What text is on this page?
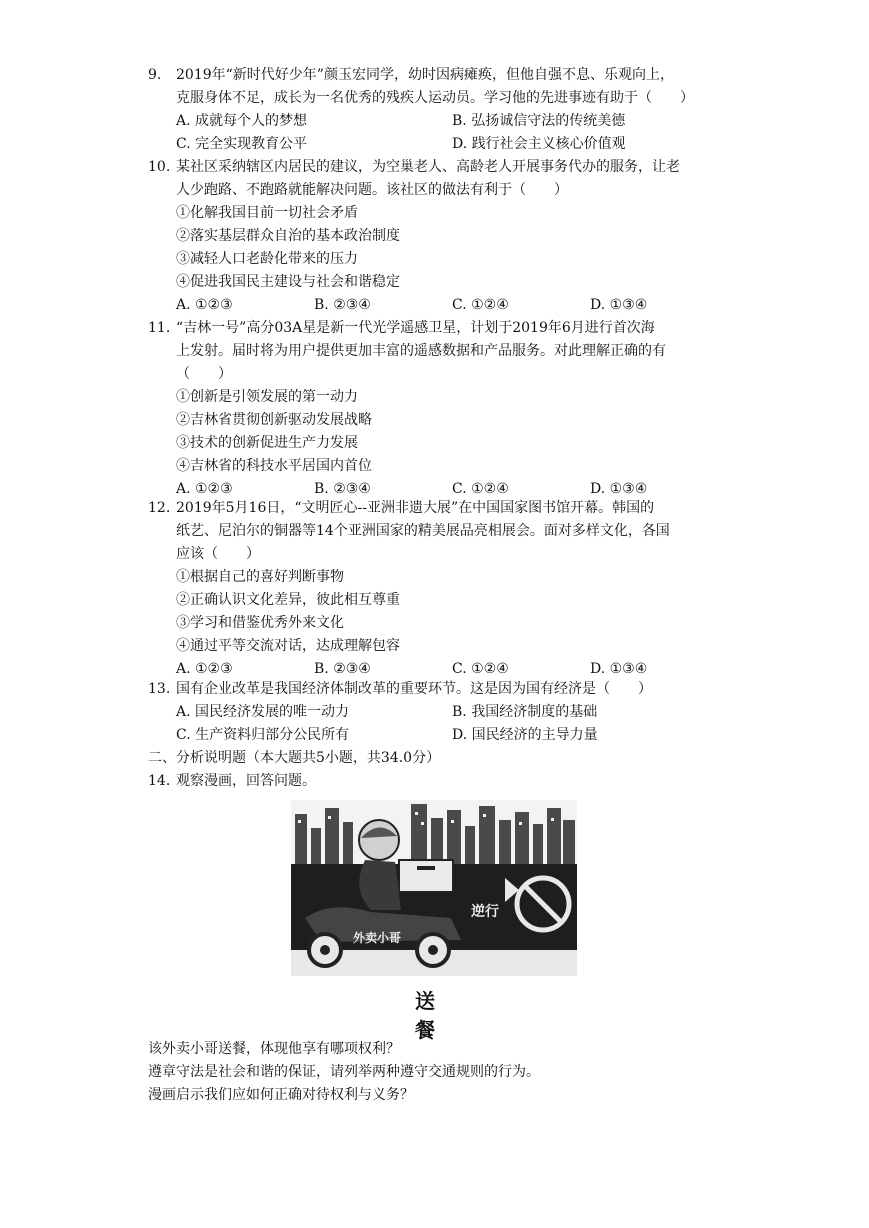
9. 2019年“新时代好少年”颜玉宏同学，幼时因病瘫痪，但他自强不息、乐观向上，
克服身体不足，成长为一名优秀的残疾人运动员。学习他的先进事迹有助于（　　）
A. 成就每个人的梦想	B. 弘扬诚信守法的传统美德
C. 完全实现教育公平	D. 践行社会主义核心价值观
10. 某社区采纳辖区内居民的建议，为空巢老人、高龄老人开展事务代办的服务，让老
人少跑路、不跑路就能解决问题。该社区的做法有利于（　　）
①化解我国目前一切社会矛盾
②落实基层群众自治的基本政治制度
③减轻人口老龄化带来的压力
④促进我国民主建设与社会和谐稳定
A. ①②③	B. ②③④	C. ①②④	D. ①③④
11. “吉林一号”高分03A星是新一代光学遥感卫星，计划于2019年6月进行首次海
上发射。届时将为用户提供更加丰富的遥感数据和产品服务。对此理解正确的有
（　　）
①创新是引领发展的第一动力
②吉林省贯彻创新驱动发展战略
③技术的创新促进生产力发展
④吉林省的科技水平居国内首位
A. ①②③	B. ②③④	C. ①②④	D. ①③④
12. 2019年5月16日，“文明匠心--亚洲非遗大展”在中国国家图书馆开幕。韩国的
纸艺、尼泊尔的铜器等14个亚洲国家的精美展品亮相展会。面对多样文化，各国
应该（　　）
①根据自己的喜好判断事物
②正确认识文化差异，彼此相互尊重
③学习和借鉴优秀外来文化
④通过平等交流对话，达成理解包容
A. ①②③	B. ②③④	C. ①②④	D. ①③④
13. 国有企业改革是我国经济体制改革的重要环节。这是因为国有经济是（　　）
A. 国民经济发展的唯一动力	B. 我国经济制度的基础
C. 生产资料归部分公民所有	D. 国民经济的主导力量
二、分析说明题（本大题共5小题，共34.0分）
14. 观察漫画，回答问题。
逆行
外卖小哥
送 餐
该外卖小哥送餐，体现他享有哪项权利？
遵章守法是社会和谐的保证，请列举两种遵守交通规则的行为。
漫画启示我们应如何正确对待权利与义务？
